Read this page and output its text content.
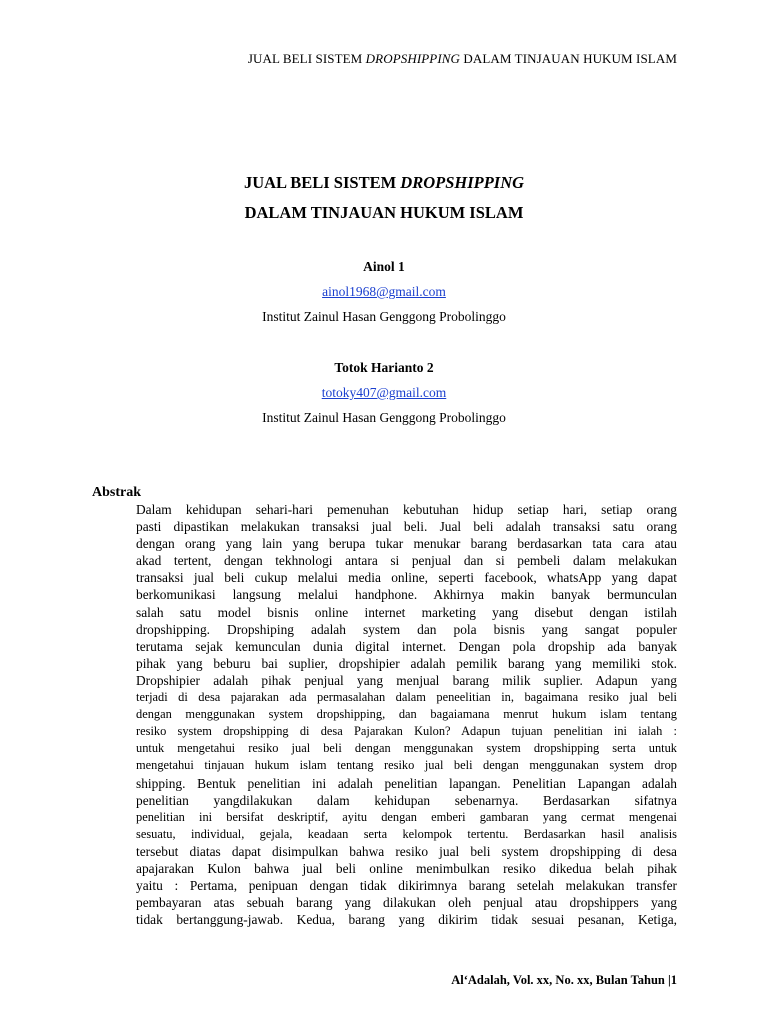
JUAL BELI SISTEM DROPSHIPPING DALAM TINJAUAN HUKUM ISLAM
JUAL BELI SISTEM DROPSHIPPING
DALAM TINJAUAN HUKUM ISLAM
Ainol 1
ainol1968@gmail.com
Institut Zainul Hasan Genggong Probolinggo
Totok Harianto 2
totoky407@gmail.com
Institut Zainul Hasan Genggong Probolinggo
Abstrak
Dalam kehidupan sehari-hari pemenuhan kebutuhan hidup setiap hari, setiap orang
pasti dipastikan melakukan transaksi jual beli. Jual beli adalah transaksi satu orang
dengan orang yang lain yang berupa tukar menukar barang berdasarkan tata cara atau
akad tertent, dengan tekhnologi antara si penjual dan si pembeli dalam melakukan
transaksi jual beli cukup melalui media online, seperti facebook, whatsApp yang dapat
berkomunikasi langsung melalui handphone. Akhirnya makin banyak bermunculan
salah satu model bisnis online internet marketing yang disebut dengan istilah
dropshipping. Dropshiping adalah system dan pola bisnis yang sangat populer
terutama sejak kemunculan dunia digital internet. Dengan pola dropship ada banyak
pihak yang beburu bai suplier, dropshipier adalah pemilik barang yang memiliki stok.
Dropshipier adalah pihak penjual yang menjual barang milik suplier. Adapun yang
terjadi di desa pajarakan ada permasalahan dalam peneelitian in, bagaimana resiko jual beli
dengan menggunakan system dropshipping, dan bagaiamana menrut hukum islam tentang
resiko system dropshipping di desa Pajarakan Kulon? Adapun tujuan penelitian ini ialah :
untuk mengetahui resiko jual beli dengan menggunakan system dropshipping serta untuk
mengetahui tinjauan hukum islam tentang resiko jual beli dengan menggunakan system drop
shipping. Bentuk penelitian ini adalah penelitian lapangan. Penelitian Lapangan adalah
penelitian yangdilakukan dalam kehidupan sebenarnya. Berdasarkan sifatnya
penelitian ini bersifat deskriptif, ayitu dengan emberi gambaran yang cermat mengenai
sesuatu, individual, gejala, keadaan serta kelompok tertentu. Berdasarkan hasil analisis
tersebut diatas dapat disimpulkan bahwa resiko jual beli system dropshipping di desa
apajarakan Kulon bahwa jual beli online menimbulkan resiko dikedua belah pihak
yaitu : Pertama, penipuan dengan tidak dikirimnya barang setelah melakukan transfer
pembayaran atas sebuah barang yang dilakukan oleh penjual atau dropshippers yang
tidak bertanggung-jawab. Kedua, barang yang dikirim tidak sesuai pesanan, Ketiga,
Al‘Adalah, Vol. xx, No. xx, Bulan Tahun |1
